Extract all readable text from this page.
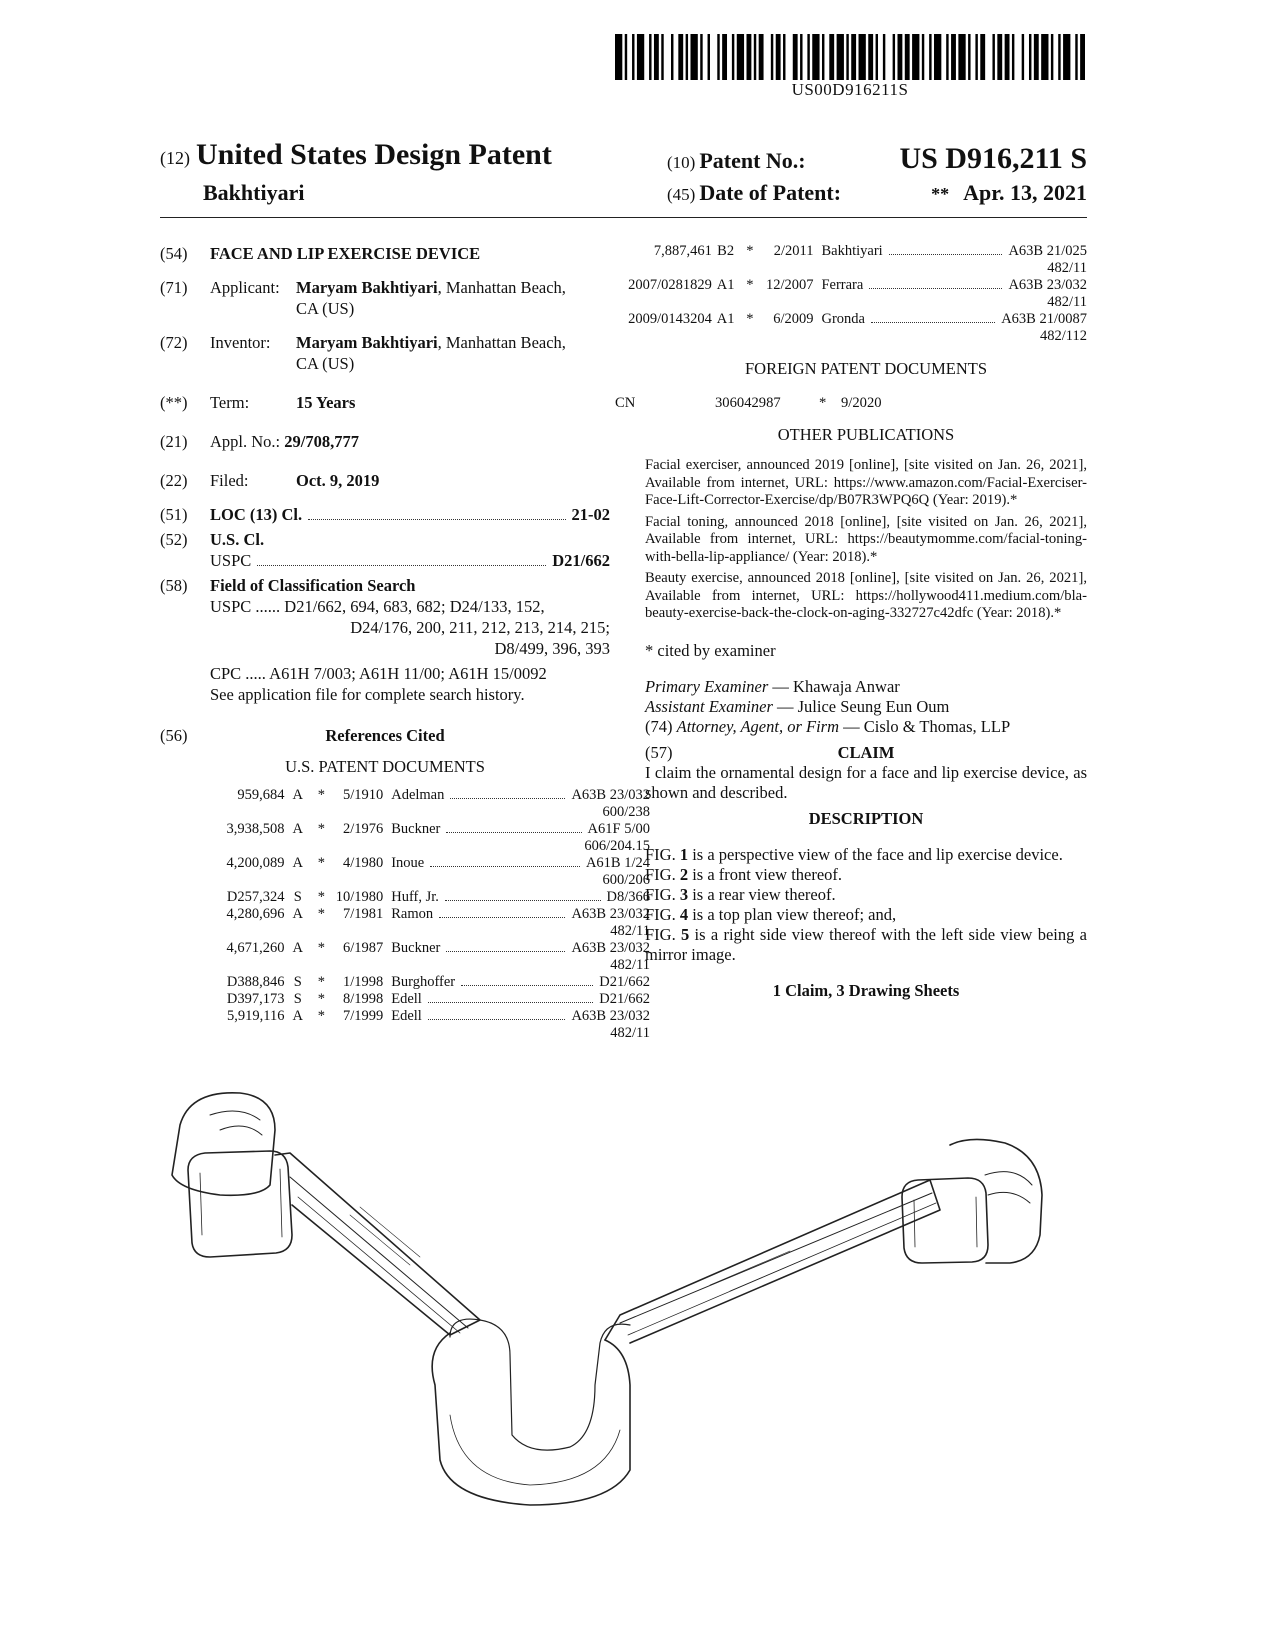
US00D916211S
(12) United States Design Patent
Bakhtiyari
(10) Patent No.:	US D916,211 S
(45) Date of Patent:	** Apr. 13, 2021
(54) FACE AND LIP EXERCISE DEVICE
(71) Applicant: Maryam Bakhtiyari, Manhattan Beach,
CA (US)
(72) Inventor: Maryam Bakhtiyari, Manhattan Beach,
CA (US)
(**) Term:	15 Years
(21) Appl. No.: 29/708,777
(22) Filed:	Oct. 9, 2019
(51) LOC (13) Cl.	21-02
(52) U.S. Cl.
USPC	D21/662
(58) Field of Classification Search
USPC ...... D21/662, 694, 683, 682; D24/133, 152,
D24/176, 200, 211, 212, 213, 214, 215;
D8/499, 396, 393
CPC ..... A61H 7/003; A61H 11/00; A61H 15/0092
See application file for complete search history.
(56)	References Cited
U.S. PATENT DOCUMENTS
959,684	A	*	5/1910	Adelman A63B 23/032

600/238				
3,938,508	A	*	2/1976	Buckner A61F 5/00

606/204.15				
4,200,089	A	*	4/1980	Inoue A61B 1/24

600/206				
D257,324	S	*	10/1980	Huff, Jr. D8/366

4,280,696	A	*	7/1981	Ramon A63B 23/032

482/11				
4,671,260	A	*	6/1987	Buckner A63B 23/032

482/11				
D388,846	S	*	1/1998	Burghoffer D21/662

D397,173	S	*	8/1998	Edell D21/662

5,919,116	A	*	7/1999	Edell A63B 23/032

482/11				
7,887,461	B2	*	2/2011	Bakhtiyari A63B 21/025

482/11				
2007/0281829	A1	*	12/2007	Ferrara A63B 23/032

482/11				
2009/0143204	A1	*	6/2009	Gronda A63B 21/0087

482/112				
FOREIGN PATENT DOCUMENTS
CN	306042987	* 9/2020
OTHER PUBLICATIONS
Facial exerciser, announced 2019 [online], [site visited on Jan. 26, 2021], Available from internet, URL: https://www.amazon.com/Facial-Exerciser-Face-Lift-Corrector-Exercise/dp/B07R3WPQ6Q (Year: 2019).*
Facial toning, announced 2018 [online], [site visited on Jan. 26, 2021], Available from internet, URL: https://beautymomme.com/facial-toning-with-bella-lip-appliance/ (Year: 2018).*
Beauty exercise, announced 2018 [online], [site visited on Jan. 26, 2021], Available from internet, URL: https://hollywood411.medium.com/bla-beauty-exercise-back-the-clock-on-aging-332727c42dfc (Year: 2018).*
* cited by examiner
Primary Examiner — Khawaja Anwar
Assistant Examiner — Julice Seung Eun Oum
(74) Attorney, Agent, or Firm — Cislo & Thomas, LLP
(57)	CLAIM
I claim the ornamental design for a face and lip exercise device, as shown and described.
DESCRIPTION
FIG. 1 is a perspective view of the face and lip exercise device.
FIG. 2 is a front view thereof.
FIG. 3 is a rear view thereof.
FIG. 4 is a top plan view thereof; and,
FIG. 5 is a right side view thereof with the left side view being a mirror image.
1 Claim, 3 Drawing Sheets
